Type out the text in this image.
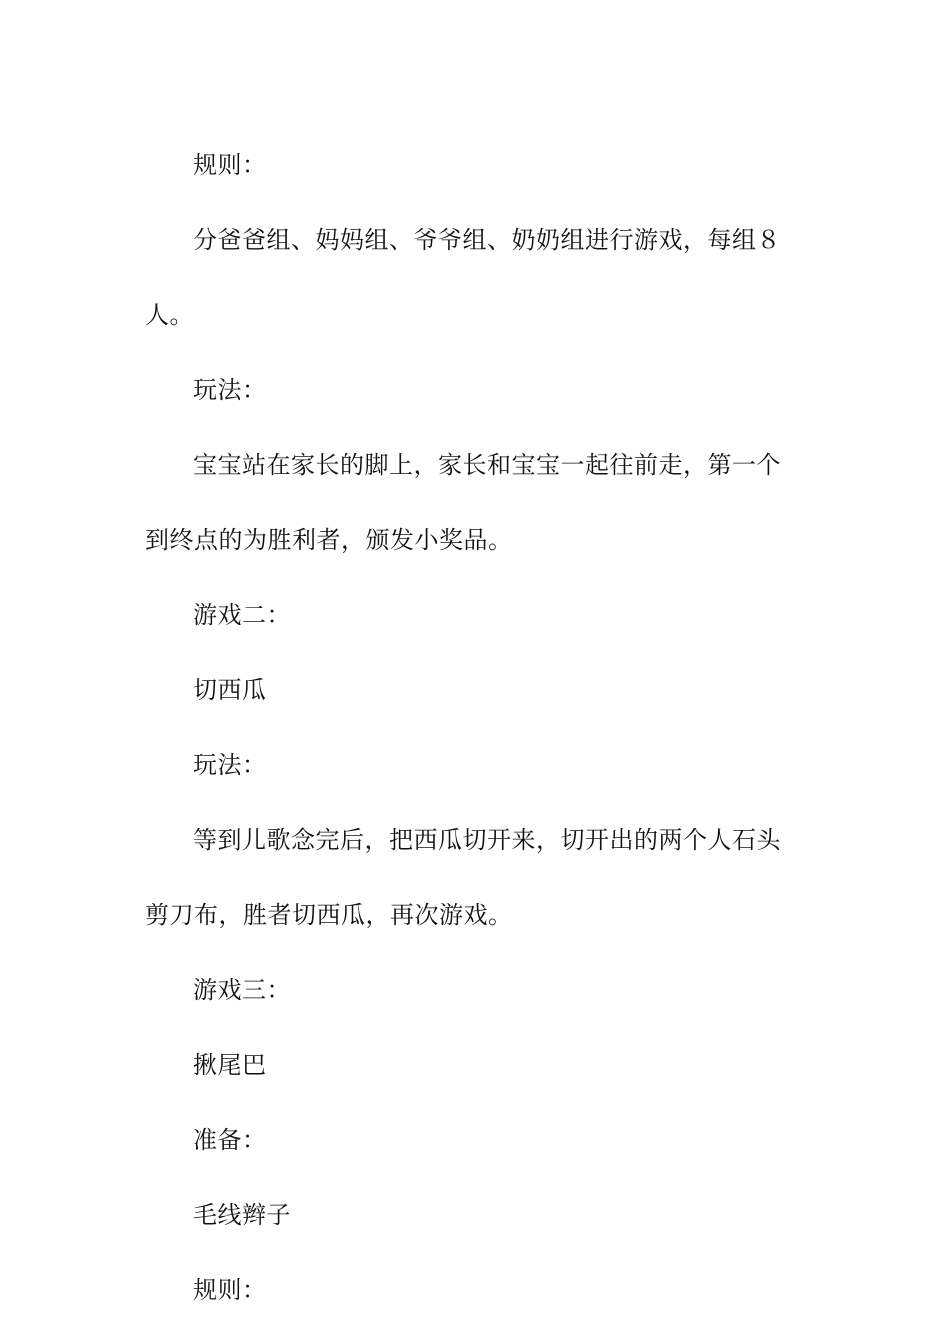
规则：

分爸爸组、妈妈组、爷爷组、奶奶组进行游戏，每组８人。

玩法：

宝宝站在家长的脚上，家长和宝宝一起往前走，第一个到终点的为胜利者，颁发小奖品。

游戏二：

切西瓜

玩法：

等到儿歌念完后，把西瓜切开来，切开出的两个人石头剪刀布，胜者切西瓜，再次游戏。

游戏三：

揪尾巴

准备：

毛线辫子

规则：
